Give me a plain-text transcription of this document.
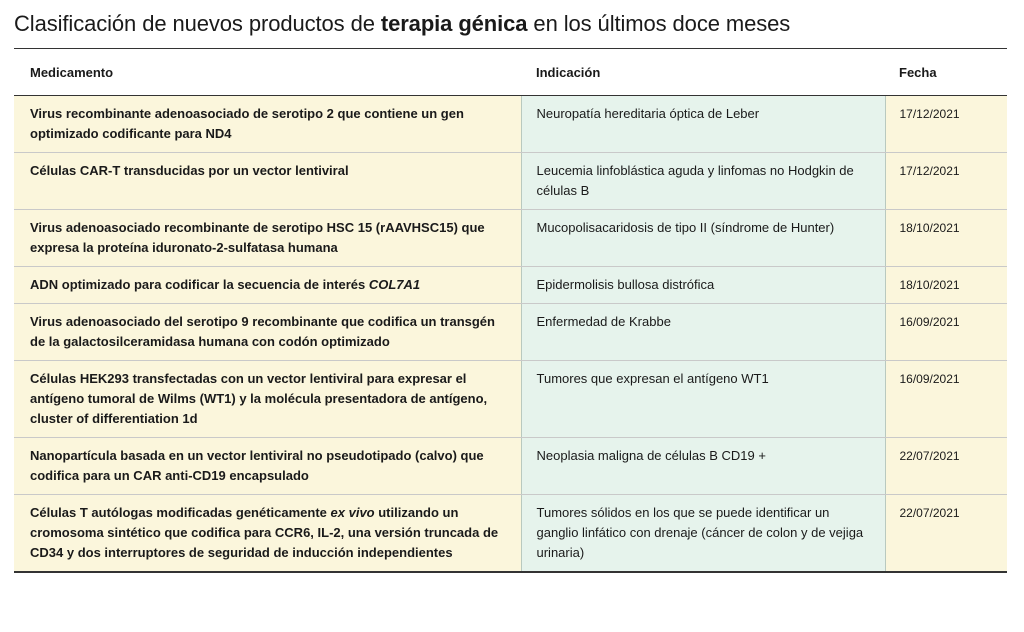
Clasificación de nuevos productos de terapia génica en los últimos doce meses
Medicamento	Indicación	Fecha
Virus recombinante adenoasociado de serotipo 2 que contiene un gen optimizado codificante para ND4	Neuropatía hereditaria óptica de Leber	17/12/2021
Células CAR-T transducidas por un vector lentiviral	Leucemia linfoblástica aguda y linfomas no Hodgkin de células B	17/12/2021
Virus adenoasociado recombinante de serotipo HSC 15 (rAAVHSC15) que expresa la proteína iduronato-2-sulfatasa humana	Mucopolisacaridosis de tipo II (síndrome de Hunter)	18/10/2021
ADN optimizado para codificar la secuencia de interés COL7A1	Epidermolisis bullosa distrófica	18/10/2021
Virus adenoasociado del serotipo 9 recombinante que codifica un transgén de la galactosilceramidasa humana con codón optimizado	Enfermedad de Krabbe	16/09/2021
Células HEK293 transfectadas con un vector lentiviral para expresar el antígeno tumoral de Wilms (WT1) y la molécula presentadora de antígeno, cluster of differentiation 1d	Tumores que expresan el antígeno WT1	16/09/2021
Nanopartícula basada en un vector lentiviral no pseudotipado (calvo) que codifica para un CAR anti-CD19 encapsulado	Neoplasia maligna de células B CD19 +	22/07/2021
Células T autólogas modificadas genéticamente ex vivo utilizando un cromosoma sintético que codifica para CCR6, IL-2, una versión truncada de CD34 y dos interruptores de seguridad de inducción independientes	Tumores sólidos en los que se puede identificar un ganglio linfático con drenaje (cáncer de colon y de vejiga urinaria)	22/07/2021
